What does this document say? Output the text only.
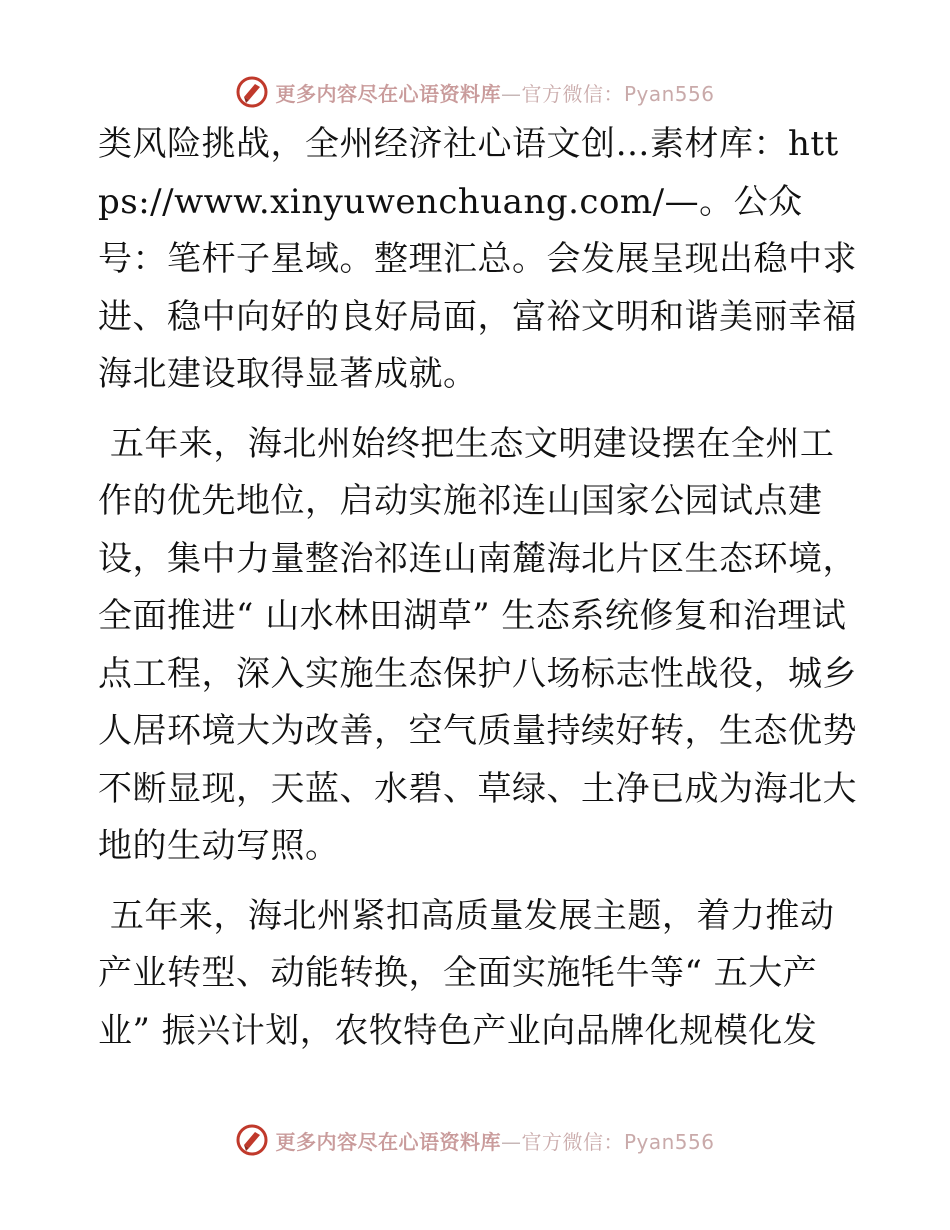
更多内容尽在心语资料库—官方微信：Pyan556

类风险挑战，全州经济社心语文创…素材库：https://www.xinyuwenchuang.com/—。公众号：笔杆子星域。整理汇总。会发展呈现出稳中求进、稳中向好的良好局面，富裕文明和谐美丽幸福海北建设取得显著成就。

五年来，海北州始终把生态文明建设摆在全州工作的优先地位，启动实施祁连山国家公园试点建设，集中力量整治祁连山南麓海北片区生态环境，全面推进“ 山水林田湖草” 生态系统修复和治理试点工程，深入实施生态保护八场标志性战役，城乡人居环境大为改善，空气质量持续好转，生态优势不断显现，天蓝、水碧、草绿、土净已成为海北大地的生动写照。

五年来，海北州紧扣高质量发展主题，着力推动产业转型、动能转换，全面实施牦牛等“ 五大产业” 振兴计划，农牧特色产业向品牌化规模化发

更多内容尽在心语资料库—官方微信：Pyan556
